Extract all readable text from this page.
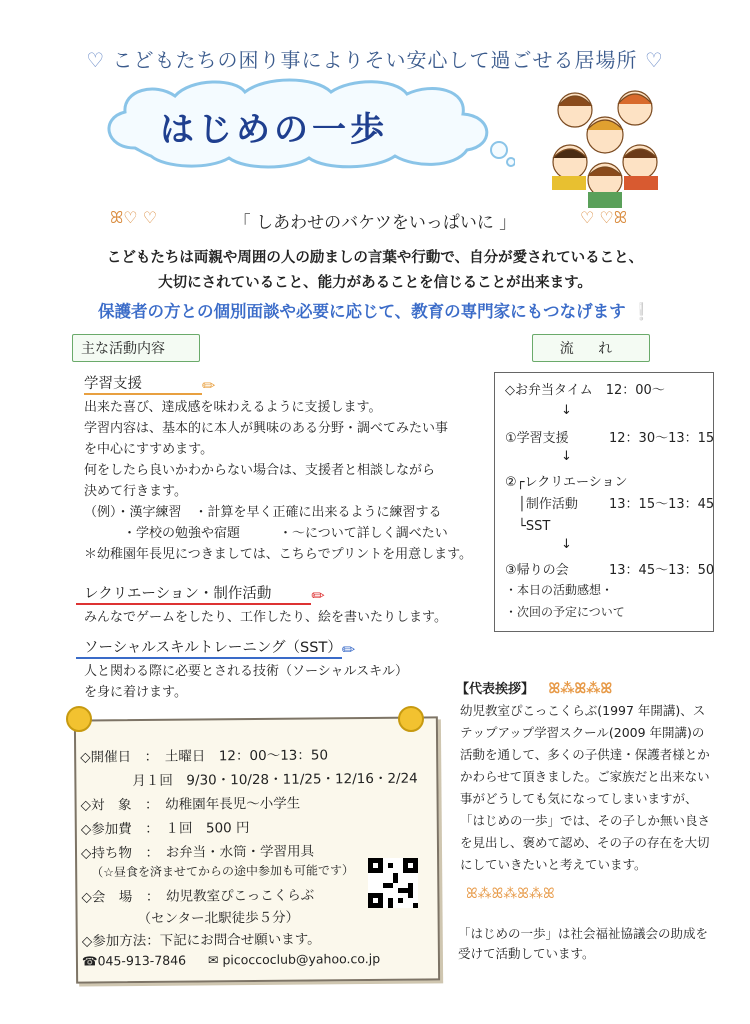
♡ こどもたちの困り事によりそい安心して過ごせる居場所 ♡
はじめの一歩
ꕤ♡ ♡	「 しあわせのバケツをいっぱいに 」	♡ ♡ꕤ
こどもたちは両親や周囲の人の励ましの言葉や行動で、自分が愛されていること、
大切にされていること、能力があることを信じることが出来ます。
保護者の方との個別面談や必要に応じて、教育の専門家にもつなげます ❕
主な活動内容	流 れ
学習支援	✏
出来た喜び、達成感を味わえるように支援します。
学習内容は、基本的に本人が興味のある分野・調べてみたい事
を中心にすすめます。
何をしたら良いかわからない場合は、支援者と相談しながら
決めて行きます。
（例）・漢字練習　・計算を早く正確に出来るように練習する
　　　・学校の勉強や宿題　　　・～について詳しく調べたい
＊幼稚園年長児につきましては、こちらでプリントを用意します。
レクリエーション・制作活動	✏
みんなでゲームをしたり、工作したり、絵を書いたりします。
ソーシャルスキルトレーニング（SST） ✏
人と関わる際に必要とされる技術（ソーシャルスキル）
を身に着けます。
◇お弁当タイム　12：00～
↓
①学習支援	12：30～13：15
↓
②┌レクリエーション
　│制作活動 13：15～13：45
　└SST
↓
③帰りの会	13：45～13：50
・本日の活動感想・
・次回の予定について
◇開催日　：　土曜日　12：00～13：50
月１回　9/30・10/28・11/25・12/16・2/24
◇対　象　：　幼稚園年長児～小学生
◇参加費　：　１回　500 円
◇持ち物　：　お弁当・水筒・学習用具
（☆昼食を済ませてからの途中参加も可能です）
◇会　場　：　幼児教室ぴこっこくらぶ
（センター北駅徒歩５分）
◇参加方法：下記にお問合せ願います。
☎045-913-7846 ✉ picoccoclub@yahoo.co.jp
【代表挨拶】 ꕤ⁂ꕤ⁂ꕤ
幼児教室ぴこっこくらぶ(1997 年開講)、ステップアップ学習スクール(2009 年開講)の活動を通して、多くの子供達・保護者様とかかわらせて頂きました。ご家族だと出来ない事がどうしても気になってしまいますが、「はじめの一歩」では、その子しか無い良さを見出し、褒めて認め、その子の存在を大切にしていきたいと考えています。
ꕤ⁂ꕤ⁂ꕤ⁂ꕤ
「はじめの一歩」は社会福祉協議会の助成を受けて活動しています。
